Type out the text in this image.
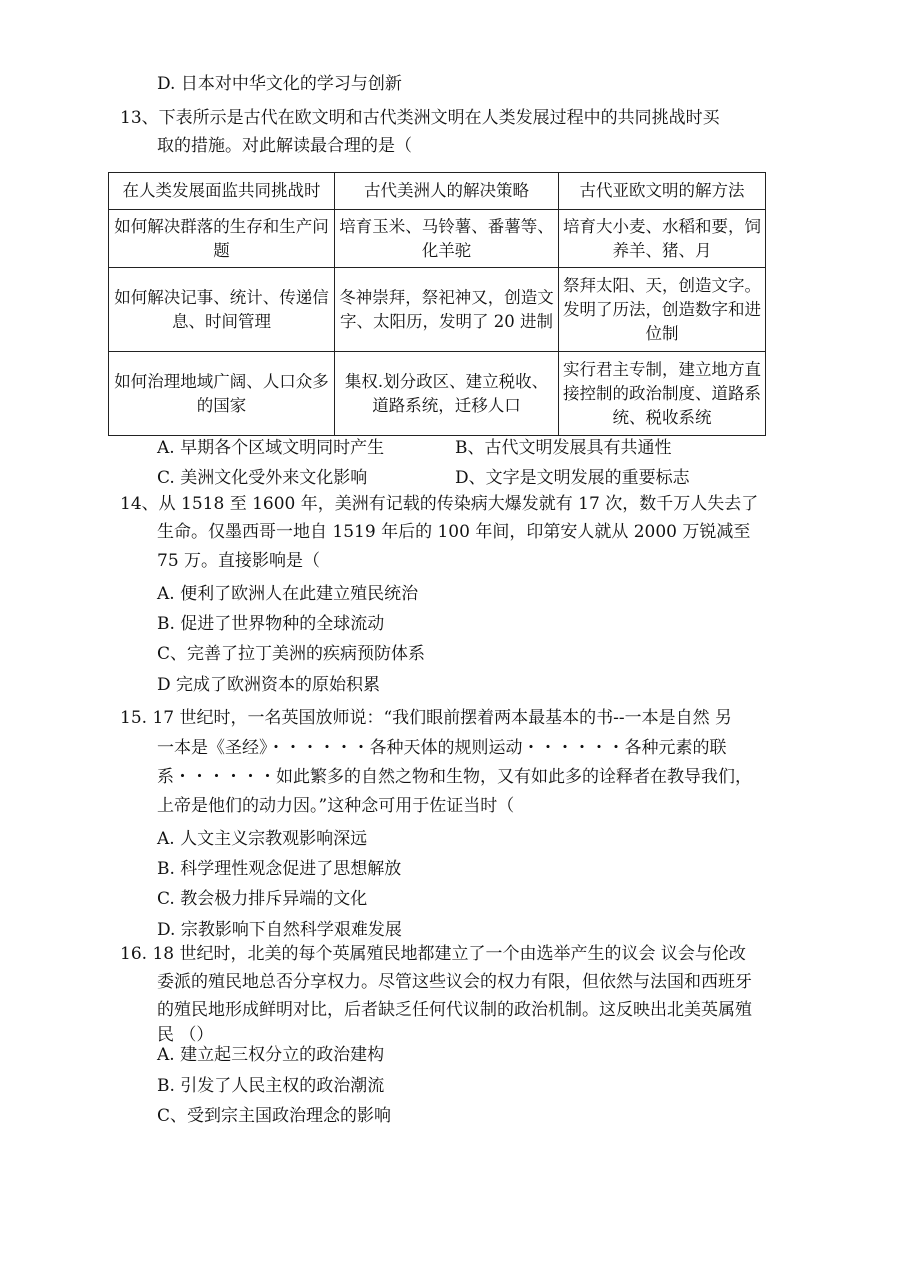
D. 日本对中华文化的学习与创新
13、下表所示是古代在欧文明和古代类洲文明在人类发展过程中的共同挑战时买
取的措施。对此解读最合理的是（
在人类发展面监共同挑战时	古代美洲人的解决策略	古代亚欧文明的解方法
如何解决群落的生存和生产问题	培育玉米、马铃薯、番薯等、化羊驼	培育大小麦、水稻和要，饲养羊、猪、月
如何解决记事、统计、传递信息、时间管理	冬神崇拜，祭祀神又，创造文字、太阳历，发明了 20 进制	祭拜太阳、天，创造文字。发明了历法，创造数字和进位制
如何治理地域广阔、人口众多的国家	集权.划分政区、建立税收、道路系统，迁移人口	实行君主专制，建立地方直接控制的政治制度、道路系统、税收系统
A. 早期各个区域文明同时产生	B、古代文明发展具有共通性
C. 美洲文化受外来文化影响	D、文字是文明发展的重要标志
14、从 1518 至 1600 年，美洲有记载的传染病大爆发就有 17 次，数千万人失去了
生命。仅墨西哥一地自 1519 年后的 100 年间，印第安人就从 2000 万锐减至
75 万。直接影响是（
A. 便利了欧洲人在此建立殖民统治
B. 促进了世界物种的全球流动
C、完善了拉丁美洲的疾病预防体系
D 完成了欧洲资本的原始积累
15. 17 世纪时，一名英国放师说：“我们眼前摆着两本最基本的书--一本是自然 另
一本是《圣经》・・・・・・各种天体的规则运动・・・・・・各种元素的联
系・・・・・・如此繁多的自然之物和生物，又有如此多的诠释者在教导我们，
上帝是他们的动力因。”这种念可用于佐证当时（
A. 人文主义宗教观影响深远
B. 科学理性观念促进了思想解放
C. 教会极力排斥异端的文化
D. 宗教影响下自然科学艰难发展
16. 18 世纪时，北美的每个英属殖民地都建立了一个由选举产生的议会 议会与伦改
委派的殖民地总否分享权力。尽管这些议会的权力有限，但依然与法国和西班牙
的殖民地形成鲜明对比，后者缺乏任何代议制的政治机制。这反映出北美英属殖
民 （）
A. 建立起三权分立的政治建构
B. 引发了人民主权的政治潮流
C、受到宗主国政治理念的影响
